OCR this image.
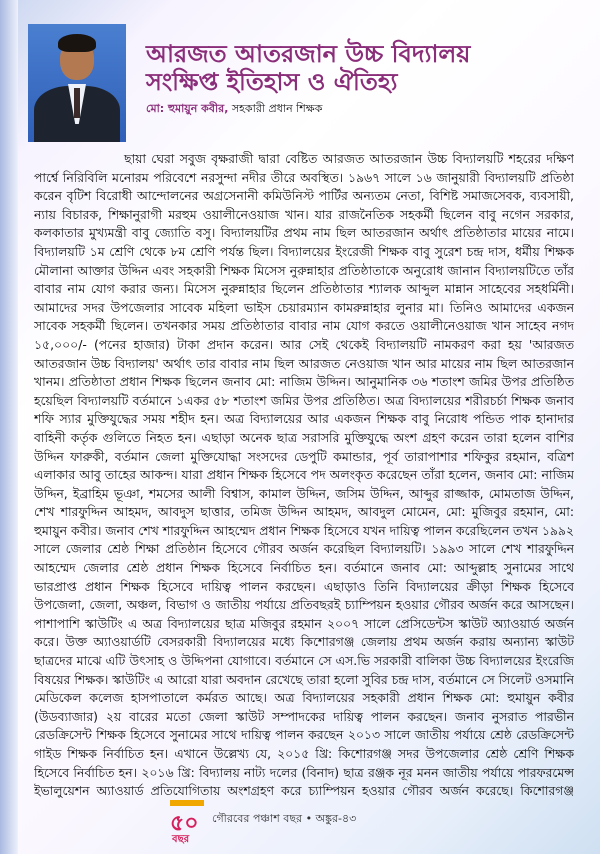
আরজত আতরজান উচ্চ বিদ্যালয়
সংক্ষিপ্ত ইতিহাস ও ঐতিহ্য
মো: হুমায়ুন কবীর, সহকারী প্রধান শিক্ষক

ছায়া ঘেরা সবুজ বৃক্ষরাজী দ্বারা বেষ্টিত আরজত আতরজান উচ্চ বিদ্যালয়টি শহরের দক্ষিণ পার্শ্বে নিরিবিলি মনোরম পরিবেশে নরসুন্দা নদীর তীরে অবস্থিত। ১৯৬৭ সালে ১৬ জানুয়ারী বিদ্যালয়টি প্রতিষ্ঠা করেন বৃটিশ বিরোধী আন্দোলনের অগ্রসেনানী কমিউনিস্ট পার্টির অন্যতম নেতা, বিশিষ্ট সমাজসেবক, ব্যবসায়ী, ন্যায় বিচারক, শিক্ষানুরাগী মরহুম ওয়ালীনেওয়াজ খান। যার রাজনৈতিক সহকর্মী ছিলেন বাবু নগেন সরকার, কলকাতার মুখ্যমন্ত্রী বাবু জ্যোতি বসু। বিদ্যালয়টির প্রথম নাম ছিল আতরজান অর্থাৎ প্রতিষ্ঠাতার মায়ের নামে। বিদ্যালয়টি ১ম শ্রেণি থেকে ৮ম শ্রেণি পর্যন্ত ছিল। বিদ্যালয়ের ইংরেজী শিক্ষক বাবু সুরেশ চন্দ্র দাস, ধর্মীয় শিক্ষক মৌলানা আক্তার উদ্দিন এবং সহকারী শিক্ষক মিসেস নুরুন্নাহার প্রতিষ্ঠাতাকে অনুরোধ জানান বিদ্যালয়টিতে তাঁর বাবার নাম যোগ করার জন্য। মিসেস নুরুন্নাহার ছিলেন প্রতিষ্ঠাতার শ্যালক আব্দুল মান্নান সাহেবের সহধর্মিনী। আমাদের সদর উপজেলার সাবেক মহিলা ভাইস চেয়ারম্যান কামরুন্নাহার লুনার মা। তিনিও আমাদের একজন সাবেক সহকর্মী ছিলেন। তখনকার সময় প্রতিষ্ঠাতার বাবার নাম যোগ করতে ওয়ালীনেওয়াজ খান সাহেব নগদ ১৫,০০০/- (পনের হাজার) টাকা প্রদান করেন। আর সেই থেকেই বিদ্যালয়টি নামকরণ করা হয় 'আরজত আতরজান উচ্চ বিদ্যালয়' অর্থাৎ তার বাবার নাম ছিল আরজত নেওয়াজ খান আর মায়ের নাম ছিল আতরজান খানম। প্রতিষ্ঠাতা প্রধান শিক্ষক ছিলেন জনাব মো: নাজিম উদ্দিন। আনুমানিক ৩৬ শতাংশ জমির উপর প্রতিষ্ঠিত হয়েছিল বিদ্যালয়টি বর্তমানে ১একর ৫৮ শতাংশ জমির উপর প্রতিষ্ঠিত। অত্র বিদ্যালয়ের শরীরচর্চা শিক্ষক জনাব শফি স্যার মুক্তিযুদ্ধের সময় শহীদ হন। অত্র বিদ্যালয়ের আর একজন শিক্ষক বাবু নিরোধ পন্ডিত পাক হানাদার বাহিনী কর্তৃক গুলিতে নিহত হন। এছাড়া অনেক ছাত্র সরাসরি মুক্তিযুদ্ধে অংশ গ্রহণ করেন তারা হলেন বাশির উদ্দিন ফারুকী, বর্তমান জেলা মুক্তিযোদ্ধা সংসদের ডেপুটি কমান্ডার, পূর্ব তারাপাশার শফিকুর রহমান, বত্রিশ এলাকার আবু তাহের আকন্দ। যারা প্রধান শিক্ষক হিসেবে পদ অলংকৃত করেছেন তাঁরা হলেন, জনাব মো: নাজিম উদ্দিন, ইব্রাহিম ভূঞা, শমসের আলী বিশ্বাস, কামাল উদ্দিন, জসিম উদ্দিন, আব্দুর রাজ্জাক, মোমতাজ উদ্দিন, শেখ শারফুদ্দিন আহমদ, আবদুস ছাত্তার, তমিজ উদ্দিন আহমদ, আবদুল মোমেন, মো: মুজিবুর রহমান, মো: হুমায়ুন কবীর। জনাব শেখ শারফুদ্দিন আহম্মেদ প্রধান শিক্ষক হিসেবে যখন দায়িত্ব পালন করেছিলেন তখন ১৯৯২ সালে জেলার শ্রেষ্ঠ শিক্ষা প্রতিষ্ঠান হিসেবে গৌরব অর্জন করেছিল বিদ্যালয়টি। ১৯৯৩ সালে শেখ শারফুদ্দিন আহম্মেদ জেলার শ্রেষ্ঠ প্রধান শিক্ষক হিসেবে নির্বাচিত হন। বর্তমানে জনাব মো: আব্দুল্লাহ সুনামের সাথে ভারপ্রাপ্ত প্রধান শিক্ষক হিসেবে দায়িত্ব পালন করছেন। এছাড়াও তিনি বিদ্যালয়ের ক্রীড়া শিক্ষক হিসেবে উপজেলা, জেলা, অঞ্চল, বিভাগ ও জাতীয় পর্যায়ে প্রতিবছরই চ্যাম্পিয়ন হওয়ার গৌরব অর্জন করে আসছেন। পাশাপাশি স্কাউটিং এ অত্র বিদ্যালয়ের ছাত্র মজিবুর রহমান ২০০৭ সালে প্রেসিডেন্টস স্কাউট অ্যাওয়ার্ড অর্জন করে। উক্ত অ্যাওয়ার্ডটি বেসরকারী বিদ্যালয়ের মধ্যে কিশোরগঞ্জ জেলায় প্রথম অর্জন করায় অন্যান্য স্কাউট ছাত্রদের মাঝে এটি উৎসাহ ও উদ্দিপনা যোগাবে। বর্তমানে সে এস.ভি সরকারী বালিকা উচ্চ বিদ্যালয়ের ইংরেজি বিষয়ের শিক্ষক। স্কাউটিং এ আরো যারা অবদান রেখেছে তারা হলো সুবির চন্দ্র দাস, বর্তমানে সে সিলেট ওসমানি মেডিকেল কলেজ হাসপাতালে কর্মরত আছে। অত্র বিদ্যালয়ের সহকারী প্রধান শিক্ষক মো: হুমায়ুন কবীর (উডব্যাজার) ২য় বারের মতো জেলা স্কাউট সম্পাদকের দায়িত্ব পালন করছেন। জনাব নুসরাত পারভীন রেডক্রিসেন্ট শিক্ষক হিসেবে সুনামের সাথে দায়িত্ব পালন করছেন ২০১৩ সালে জাতীয় পর্যায়ে শ্রেষ্ঠ রেডক্রিসেন্ট গাইড শিক্ষক নির্বাচিত হন। এখানে উল্লেখ্য যে, ২০১৫ খ্রি: কিশোরগঞ্জ সদর উপজেলার শ্রেষ্ঠ শ্রেণি শিক্ষক হিসেবে নির্বাচিত হন। ২০১৬ খ্রি: বিদ্যালয় নাট্য দলের (বিনাদ) ছাত্র রঞ্জক নূর মনন জাতীয় পর্যায়ে পারফরমেন্স ইভালুয়েশন অ্যাওয়ার্ড প্রতিযোগিতায় অংশগ্রহণ করে চ্যাম্পিয়ন হওয়ার গৌরব অর্জন করেছে। কিশোরগঞ্জ

৫০
বছর
গৌরবের পঞ্চাশ বছর • অঙ্কুর-৪৩
